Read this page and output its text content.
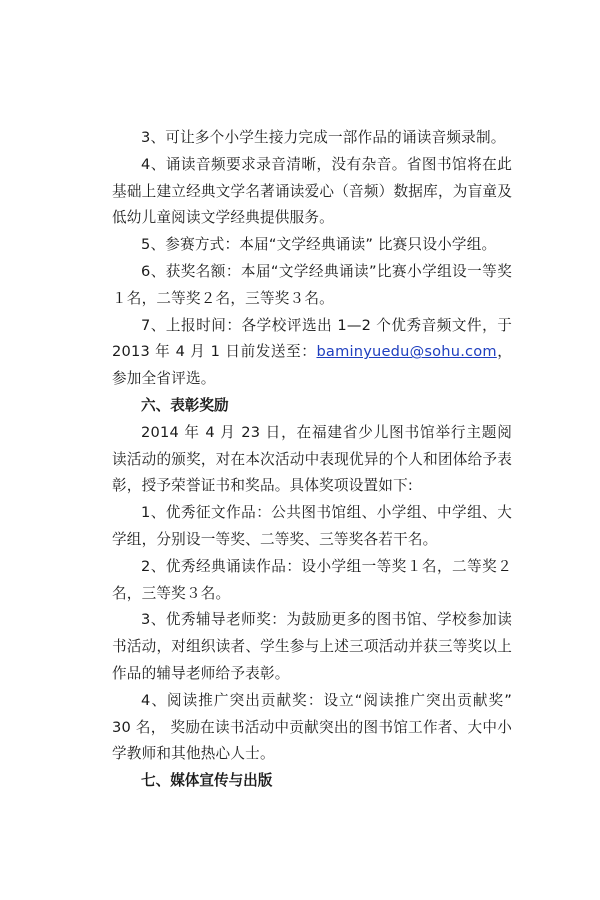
3、可让多个小学生接力完成一部作品的诵读音频录制。

4、诵读音频要求录音清晰，没有杂音。省图书馆将在此基础上建立经典文学名著诵读爱心（音频）数据库，为盲童及低幼儿童阅读文学经典提供服务。

5、参赛方式：本届“文学经典诵读” 比赛只设小学组。

6、获奖名额：本届“文学经典诵读”比赛小学组设一等奖１名，二等奖２名，三等奖３名。

7、上报时间：各学校评选出 1—2 个优秀音频文件，于 2013 年 4 月 1 日前发送至：baminyuedu@sohu.com，参加全省评选。

六、表彰奖励

2014 年 4 月 23 日，在福建省少儿图书馆举行主题阅读活动的颁奖，对在本次活动中表现优异的个人和团体给予表彰，授予荣誉证书和奖品。具体奖项设置如下:

1、优秀征文作品：公共图书馆组、小学组、中学组、大学组，分别设一等奖、二等奖、三等奖各若干名。

2、优秀经典诵读作品：设小学组一等奖１名，二等奖２名，三等奖３名。

3、优秀辅导老师奖：为鼓励更多的图书馆、学校参加读书活动，对组织读者、学生参与上述三项活动并获三等奖以上作品的辅导老师给予表彰。

4、阅读推广突出贡献奖：设立“阅读推广突出贡献奖” 30 名， 奖励在读书活动中贡献突出的图书馆工作者、大中小学教师和其他热心人士。

七、媒体宣传与出版
